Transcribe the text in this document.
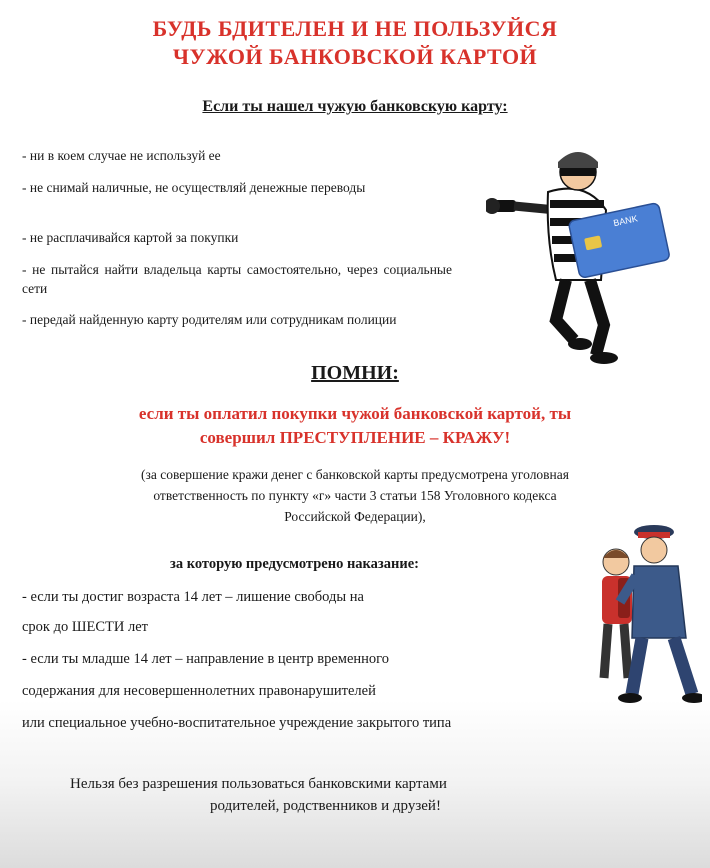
БУДЬ БДИТЕЛЕН И НЕ ПОЛЬЗУЙСЯ
ЧУЖОЙ БАНКОВСКОЙ КАРТОЙ
Если ты нашел чужую банковскую карту:
- ни в коем случае не используй ее
- не снимай наличные, не осуществляй денежные переводы
- не расплачивайся картой за покупки
- не пытайся найти владельца карты самостоятельно, через социальные сети
- передай найденную карту родителям или сотрудникам полиции
BANK
ПОМНИ:
если ты оплатил покупки чужой банковской картой, ты
совершил ПРЕСТУПЛЕНИЕ – КРАЖУ!
(за совершение кражи денег с банковской карты предусмотрена уголовная
ответственность по пункту «г» части 3 статьи 158 Уголовного кодекса
Российской Федерации),
за которую предусмотрено наказание:
- если ты достиг возраста 14 лет – лишение свободы на
срок до ШЕСТИ лет
- если ты младше 14 лет – направление в центр временного
содержания для несовершеннолетних правонарушителей
или специальное учебно-воспитательное учреждение закрытого типа
Нельзя без разрешения пользоваться банковскими картами
родителей, родственников и друзей!
